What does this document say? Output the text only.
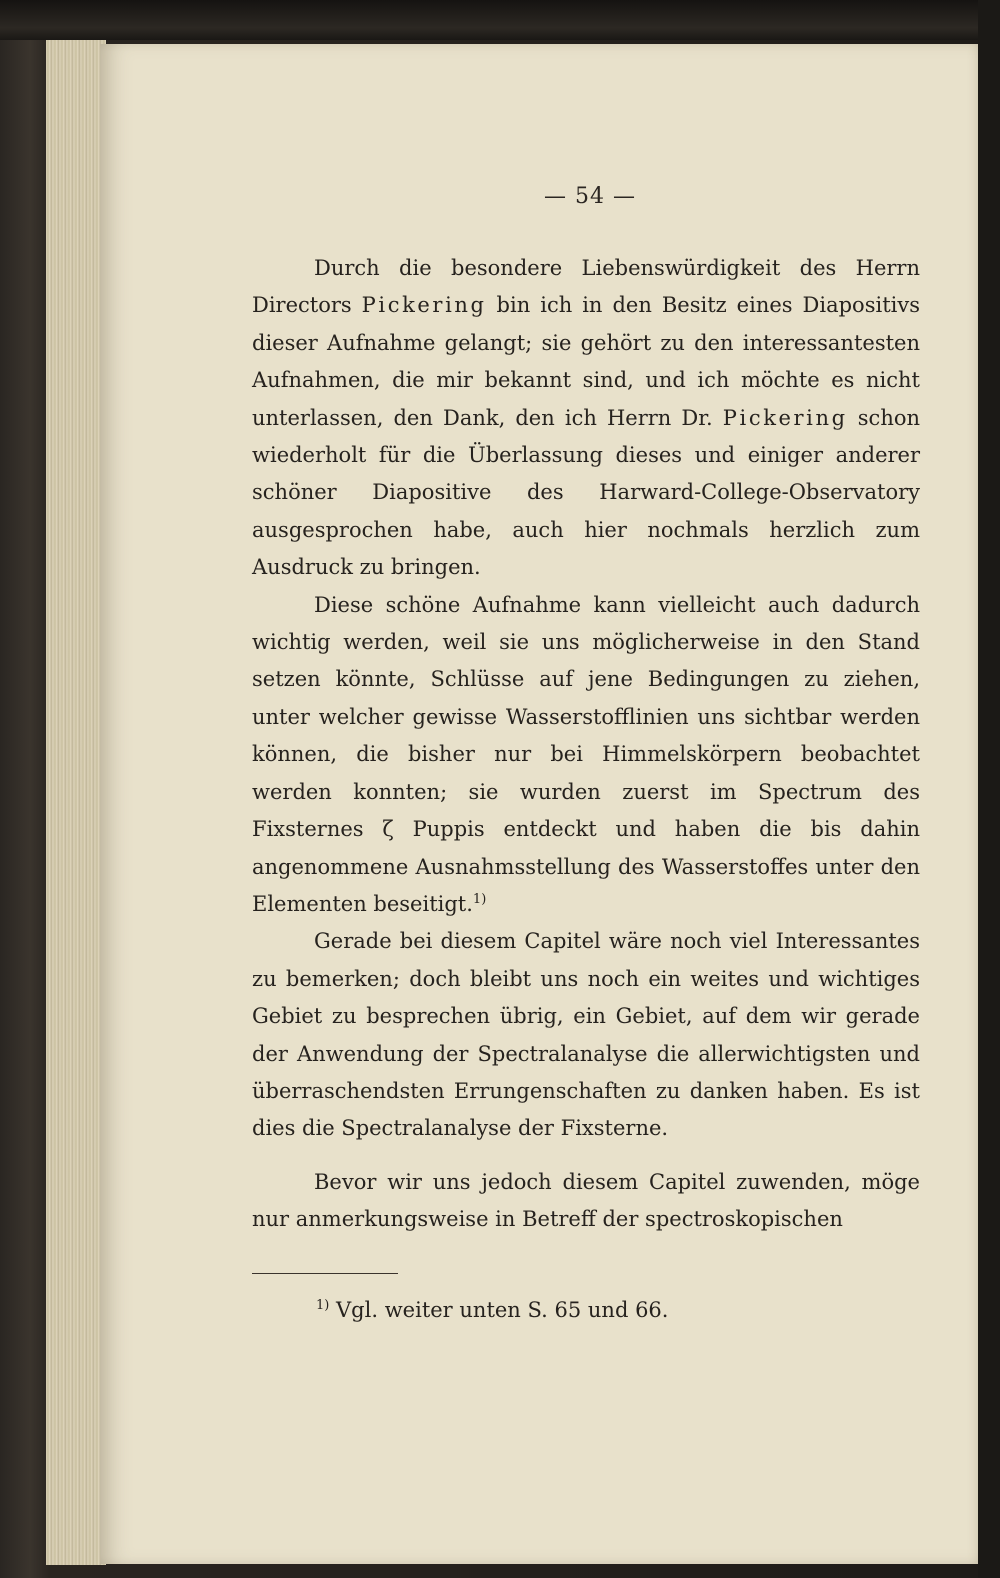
— 54 —

Durch die besondere Liebenswürdigkeit des Herrn Directors Pickering bin ich in den Besitz eines Diapositivs dieser Aufnahme gelangt; sie gehört zu den interessantesten Aufnahmen, die mir bekannt sind, und ich möchte es nicht unterlassen, den Dank, den ich Herrn Dr. Pickering schon wiederholt für die Überlassung dieses und einiger anderer schöner Diapositive des Harward-College-Observatory ausgesprochen habe, auch hier nochmals herzlich zum Ausdruck zu bringen.

Diese schöne Aufnahme kann vielleicht auch dadurch wichtig werden, weil sie uns möglicherweise in den Stand setzen könnte, Schlüsse auf jene Bedingungen zu ziehen, unter welcher gewisse Wasserstofflinien uns sichtbar werden können, die bisher nur bei Himmelskörpern beobachtet werden konnten; sie wurden zuerst im Spectrum des Fixsternes ζ Puppis entdeckt und haben die bis dahin angenommene Ausnahmsstellung des Wasserstoffes unter den Elementen beseitigt.$^{1)}$

Gerade bei diesem Capitel wäre noch viel Interessantes zu bemerken; doch bleibt uns noch ein weites und wichtiges Gebiet zu besprechen übrig, ein Gebiet, auf dem wir gerade der Anwendung der Spectralanalyse die allerwichtigsten und überraschendsten Errungenschaften zu danken haben. Es ist dies die Spectralanalyse der Fixsterne.

Bevor wir uns jedoch diesem Capitel zuwenden, möge nur anmerkungsweise in Betreff der spectroskopischen

$^{1)}$ Vgl. weiter unten S. 65 und 66.
